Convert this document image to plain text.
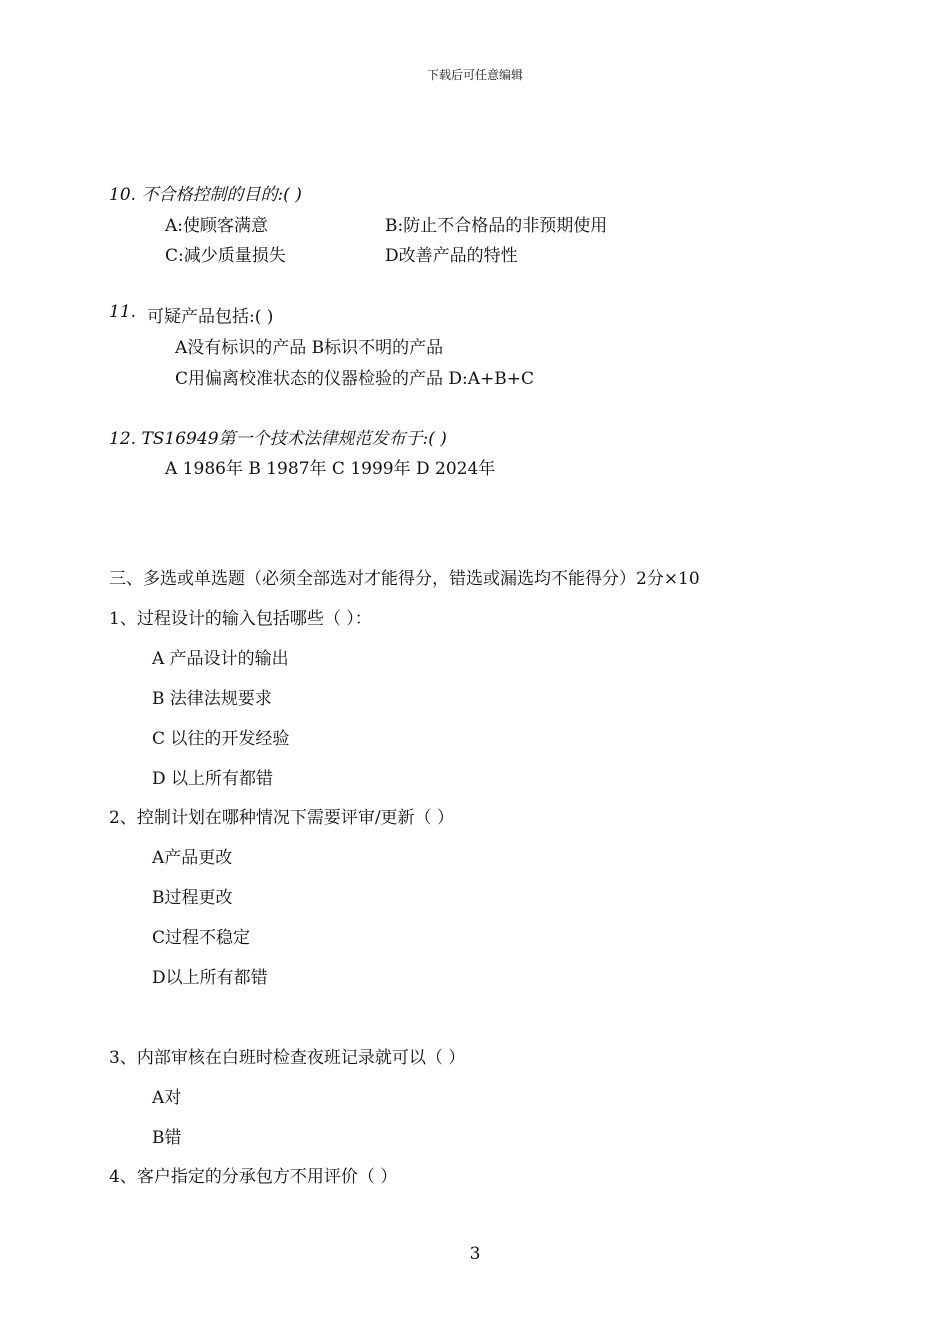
下载后可任意编辑
10. 不合格控制的目的:( )
A:使顾客满意	B:防止不合格品的非预期使用
C:减少质量损失	D改善产品的特性
11. 可疑产品包括:( )
A没有标识的产品 B标识不明的产品
C用偏离校准状态的仪器检验的产品 D:A+B+C
12. TS16949第一个技术法律规范发布于:( )
A 1986年 B 1987年 C 1999年 D 2024年
三、多选或单选题（必须全部选对才能得分，错选或漏选均不能得分）2分×10
1、过程设计的输入包括哪些（ ）：
A 产品设计的输出
B 法律法规要求
C 以往的开发经验
D 以上所有都错
2、控制计划在哪种情况下需要评审/更新（ ）
A产品更改
B过程更改
C过程不稳定
D以上所有都错
3、内部审核在白班时检查夜班记录就可以（ ）
A对
B错
4、客户指定的分承包方不用评价（ ）
3
